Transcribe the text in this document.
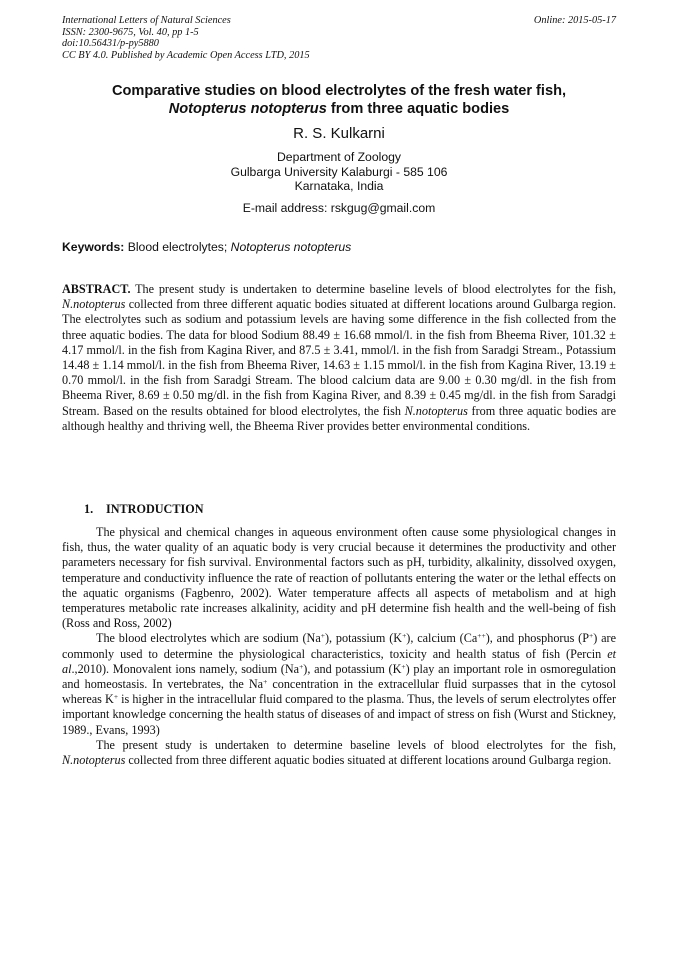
International Letters of Natural Sciences
ISSN: 2300-9675, Vol. 40, pp 1-5
doi:10.56431/p-py5880
CC BY 4.0. Published by Academic Open Access LTD, 2015
Online: 2015-05-17
Comparative studies on blood electrolytes of the fresh water fish,
Notopterus notopterus from three aquatic bodies
R. S. Kulkarni
Department of Zoology
Gulbarga University Kalaburgi - 585 106
Karnataka, India
E-mail address: rskgug@gmail.com
Keywords: Blood electrolytes; Notopterus notopterus
ABSTRACT. The present study is undertaken to determine baseline levels of blood electrolytes for the fish, N.notopterus collected from three different aquatic bodies situated at different locations around Gulbarga region. The electrolytes such as sodium and potassium levels are having some difference in the fish collected from the three aquatic bodies. The data for blood Sodium 88.49 ± 16.68 mmol/l. in the fish from Bheema River, 101.32 ± 4.17 mmol/l. in the fish from Kagina River, and 87.5 ± 3.41, mmol/l. in the fish from Saradgi Stream., Potassium 14.48 ± 1.14 mmol/l. in the fish from Bheema River, 14.63 ± 1.15 mmol/l. in the fish from Kagina River, 13.19 ± 0.70 mmol/l. in the fish from Saradgi Stream. The blood calcium data are 9.00 ± 0.30 mg/dl. in the fish from Bheema River, 8.69 ± 0.50 mg/dl. in the fish from Kagina River, and 8.39 ± 0.45 mg/dl. in the fish from Saradgi Stream. Based on the results obtained for blood electrolytes, the fish N.notopterus from three aquatic bodies are although healthy and thriving well, the Bheema River provides better environmental conditions.
1. INTRODUCTION

The physical and chemical changes in aqueous environment often cause some physiological changes in fish, thus, the water quality of an aquatic body is very crucial because it determines the productivity and other parameters necessary for fish survival. Environmental factors such as pH, turbidity, alkalinity, dissolved oxygen, temperature and conductivity influence the rate of reaction of pollutants entering the water or the lethal effects on the aquatic organisms (Fagbenro, 2002). Water temperature affects all aspects of metabolism and at high temperatures metabolic rate increases alkalinity, acidity and pH determine fish health and the well-being of fish (Ross and Ross, 2002)

The blood electrolytes which are sodium (Na+), potassium (K+), calcium (Ca++), and phosphorus (P+) are commonly used to determine the physiological characteristics, toxicity and health status of fish (Percin et al.,2010). Monovalent ions namely, sodium (Na+), and potassium (K+) play an important role in osmoregulation and homeostasis. In vertebrates, the Na+ concentration in the extracellular fluid surpasses that in the cytosol whereas K+ is higher in the intracellular fluid compared to the plasma. Thus, the levels of serum electrolytes offer important knowledge concerning the health status of diseases of and impact of stress on fish (Wurst and Stickney, 1989., Evans, 1993)

The present study is undertaken to determine baseline levels of blood electrolytes for the fish, N.notopterus collected from three different aquatic bodies situated at different locations around Gulbarga region.
